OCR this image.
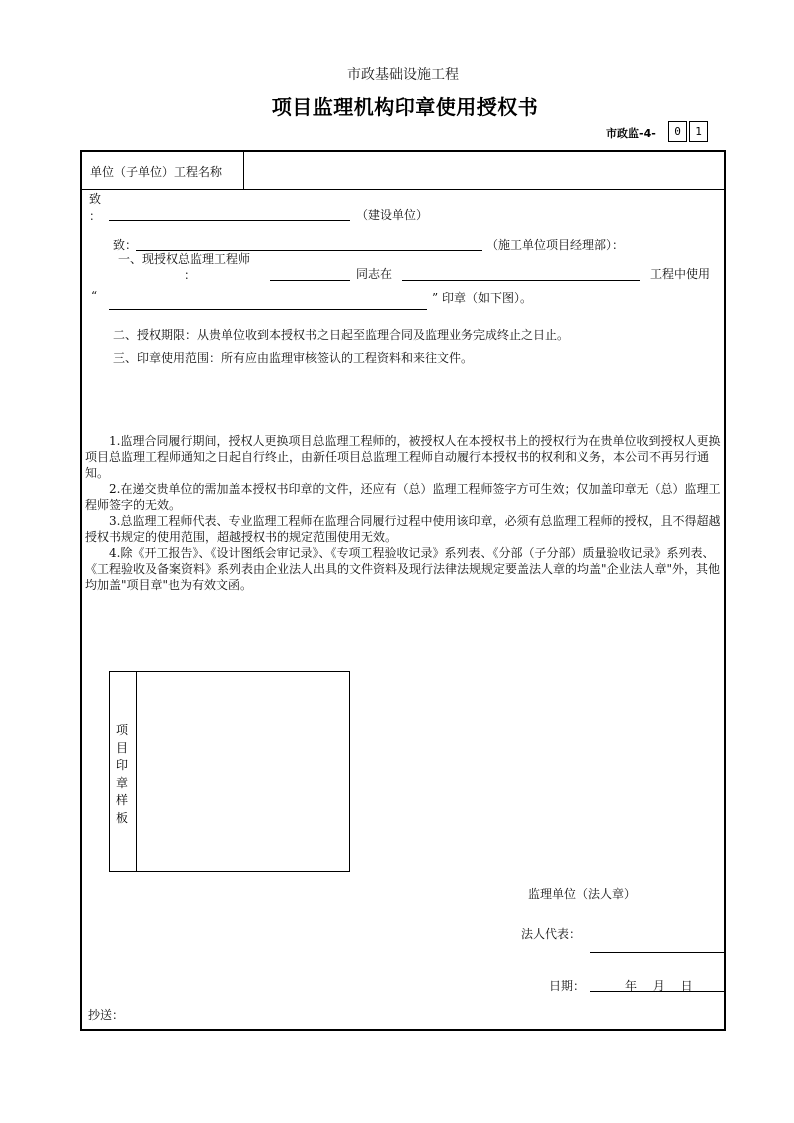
市政基础设施工程
项目监理机构印章使用授权书
市政监-4-	0	1
单位（子单位）工程名称
致
：	（建设单位）
致：	（施工单位项目经理部）：
一、现授权总监理工程师
：	同志在	工程中使用
“	” 印章（如下图）。
二、授权期限：从贵单位收到本授权书之日起至监理合同及监理业务完成终止之日止。
三、印章使用范围：所有应由监理审核签认的工程资料和来往文件。
　　1.监理合同履行期间，授权人更换项目总监理工程师的，被授权人在本授权书上的授权行为在贵单位收到授权人更换项目总监理工程师通知之日起自行终止，由新任项目总监理工程师自动履行本授权书的权利和义务，本公司不再另行通知。
　　2.在递交贵单位的需加盖本授权书印章的文件，还应有（总）监理工程师签字方可生效；仅加盖印章无（总）监理工程师签字的无效。
　　3.总监理工程师代表、专业监理工程师在监理合同履行过程中使用该印章，必须有总监理工程师的授权，且不得超越授权书规定的使用范围，超越授权书的规定范围使用无效。
　　4.除《开工报告》、《设计图纸会审记录》、《专项工程验收记录》系列表、《分部（子分部）质量验收记录》系列表、《工程验收及备案资料》系列表由企业法人出具的文件资料及现行法律法规规定要盖法人章的均盖"企业法人章"外，其他均加盖"项目章"也为有效文函。
项目印章样板
监理单位（法人章）
法人代表：
日期：	年　 月　 日
抄送：
